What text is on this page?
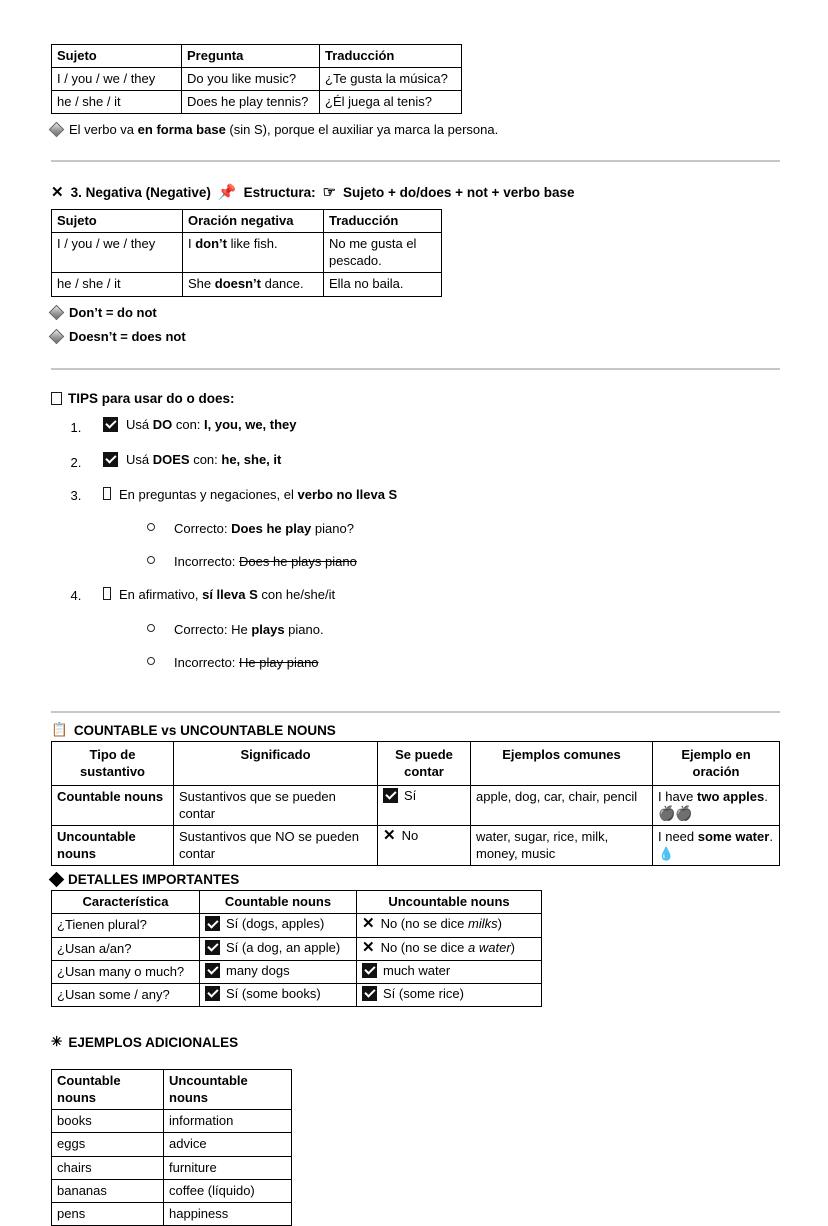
Sujeto	Pregunta	Traducción
I / you / we / they	Do you like music?	¿Te gusta la música?
he / she / it	Does he play tennis?	¿Él juega al tenis?
El verbo va en forma base (sin S), porque el auxiliar ya marca la persona.
✕ 3. Negativa (Negative) 📌 Estructura: ☞ Sujeto + do/does + not + verbo base
Sujeto	Oración negativa	Traducción
I / you / we / they	I don’t like fish.	No me gusta el pescado.
he / she / it	She doesn’t dance.	Ella no baila.
Don’t = do not
Doesn’t = does not
TIPS para usar do o does:
1. Usá DO con: I, you, we, they
2. Usá DOES con: he, she, it
3. En preguntas y negaciones, el verbo no lleva S
Correcto: Does he play piano?
Incorrecto: Does he plays piano
4. En afirmativo, sí lleva S con he/she/it
Correcto: He plays piano.
Incorrecto: He play piano
📋 COUNTABLE vs UNCOUNTABLE NOUNS
Tipo de sustantivo	Significado	Se puede contar	Ejemplos comunes	Ejemplo en oración
Countable nouns	Sustantivos que se pueden contar	Sí	apple, dog, car, chair, pencil	I have two apples.
🍎🍎
Uncountable nouns	Sustantivos que NO se pueden contar	✕ No	water, sugar, rice, milk, money, music	I need some water. 💧
DETALLES IMPORTANTES
Característica	Countable nouns	Uncountable nouns
¿Tienen plural?	Sí (dogs, apples)	✕ No (no se dice milks)

¿Usan a/an?	Sí (a dog, an apple)	✕ No (no se dice a water)

¿Usan many o much?	many dogs	much water

¿Usan some / any?	Sí (some books)	Sí (some rice)
✳ EJEMPLOS ADICIONALES
Countable nouns	Uncountable nouns
books	information
eggs	advice
chairs	furniture
bananas	coffee (líquido)
pens	happiness
